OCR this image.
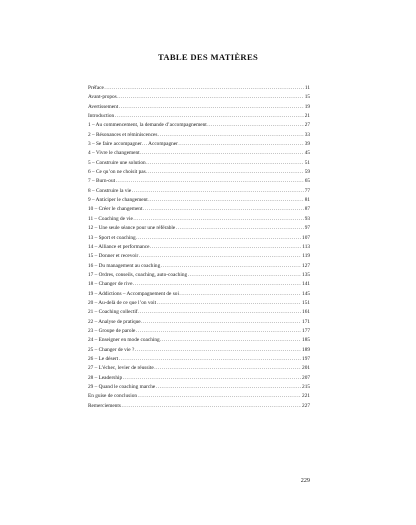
TABLE DES MATIÈRES
Préface .....	11
Avant-propos .....	15
Avertissement .....	19
Introduction .....	21
1 – Au commencement, la demande d’accompagnement .....	27
2 – Résonances et réminiscences .....	33
3 – Se faire accompagner… Accompagner .....	39
4 – Vivre le changement .....	45
5 – Construire une solution .....	51
6 – Ce qu’on ne choisit pas .....	59
7 – Burn-out .....	65
8 – Construire la vie .....	77
9 – Anticiper le changement .....	81
10 – Créer le changement .....	87
11 – Coaching de vie .....	93
12 – Une seule séance pour une référable .....	97
13 – Sport et coaching .....	107
14 – Alliance et performance .....	113
15 – Donner et recevoir .....	119
16 – Du management au coaching .....	127
17 – Ordres, conseils, coaching, auto-coaching .....	135
18 – Changer de rive .....	141
19 – Addictions – Accompagnement de soi .....	145
20 – Au-delà de ce que l’on voit .....	151
21 – Coaching collectif .....	161
22 – Analyse de pratique .....	171
23 – Groupe de parole .....	177
24 – Enseigner en mode coaching .....	185
25 – Changer de vie ? .....	189
26 – Le désert .....	197
27 – L’échec, levier de réussite .....	201
28 – Leadership .....	207
29 – Quand le coaching marche .....	215
En guise de conclusion .....	221
Remerciements .....	227
229
